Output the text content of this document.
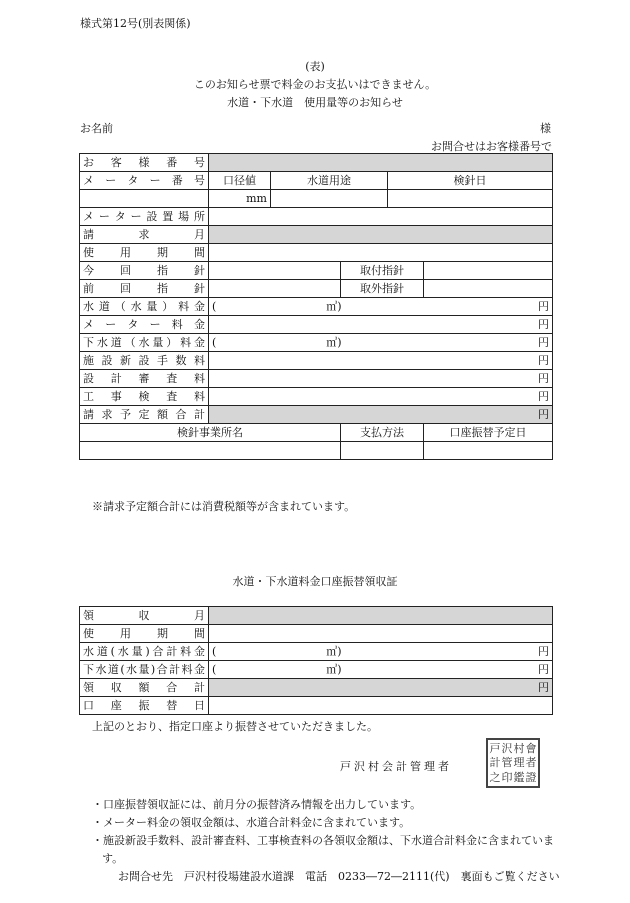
様式第12号(別表関係)
(表)
このお知らせ票で料金のお支払いはできません。
水道・下水道　使用量等のお知らせ
お名前	様
お問合せはお客様番号で
お客様番号					
メーター番号	口径値	水道用途		検針日	
	mm				
メーター設置場所					
請求月					
使用期間					
今回指針			取付指針		
前回指針			取外指針		
水道（水量）料金	( ㎥) 円				

メーター料金	円				
下水道（水量）料金	( ㎥) 円				

施設新設手数料	円				
設計審査料	円				
工事検査料	円				
請求予定額合計	円				
検針事業所名			支払方法		口座振替予定日

※請求予定額合計には消費税額等が含まれています。
水道・下水道料金口座振替領収証
領収月	
使用期間	
水道(水量)合計料金	( ㎥) 円

下水道(水量)合計料金	( ㎥) 円

領収額合計	円
口座振替日	
上記のとおり、指定口座より振替させていただきました。
戸沢村会計管理者
戸 沢 村 會
計 管 理 者
之 印 鑑 證
・口座振替領収証には、前月分の振替済み情報を出力しています。
・メーター料金の領収金額は、水道合計料金に含まれています。
・施設新設手数料、設計審査料、工事検査料の各領収金額は、下水道合計料金に含まれています。
お問合せ先　戸沢村役場建設水道課　電話　0233―72―2111(代)　裏面もご覧ください
